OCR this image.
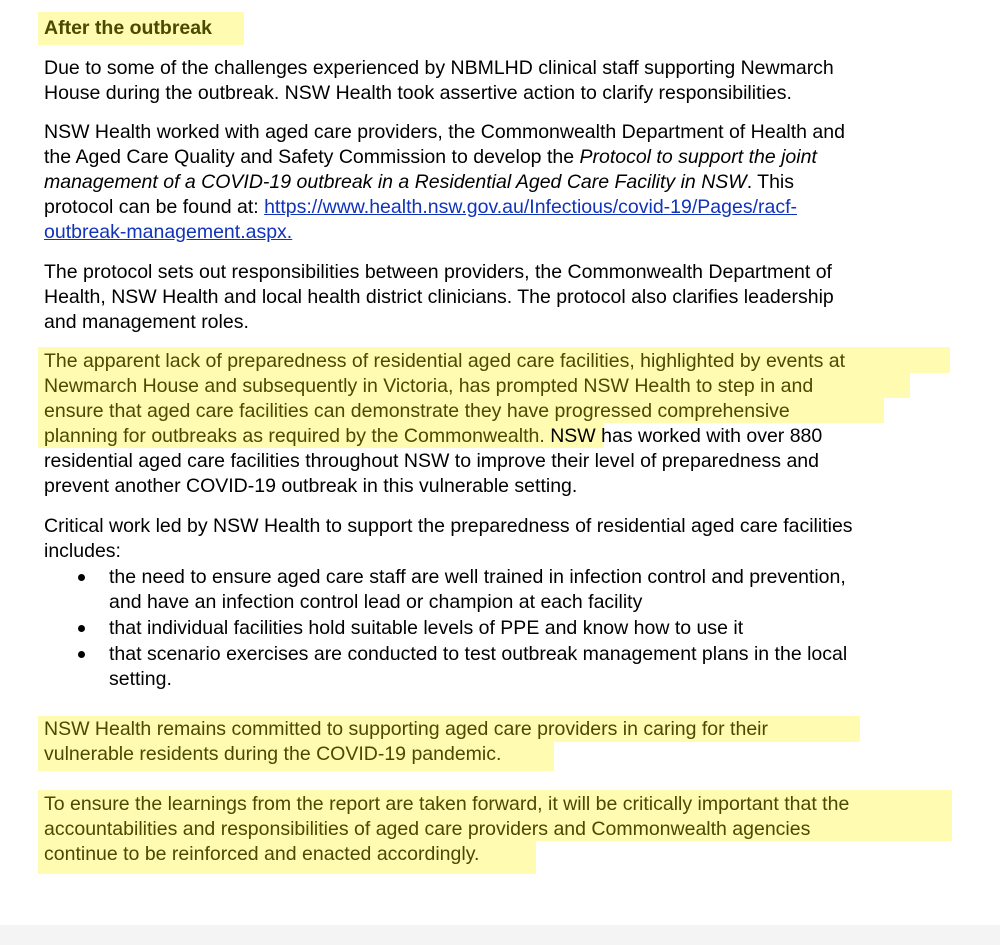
After the outbreak

Due to some of the challenges experienced by NBMLHD clinical staff supporting Newmarch

House during the outbreak. NSW Health took assertive action to clarify responsibilities.

NSW Health worked with aged care providers, the Commonwealth Department of Health and

the Aged Care Quality and Safety Commission to develop the Protocol to support the joint

management of a COVID-19 outbreak in a Residential Aged Care Facility in NSW. This

protocol can be found at: https://www.health.nsw.gov.au/Infectious/covid-19/Pages/racf-

outbreak-management.aspx.

The protocol sets out responsibilities between providers, the Commonwealth Department of

Health, NSW Health and local health district clinicians. The protocol also clarifies leadership

and management roles.

The apparent lack of preparedness of residential aged care facilities, highlighted by events at

Newmarch House and subsequently in Victoria, has prompted NSW Health to step in and

ensure that aged care facilities can demonstrate they have progressed comprehensive

planning for outbreaks as required by the Commonwealth. NSW has worked with over 880

residential aged care facilities throughout NSW to improve their level of preparedness and

prevent another COVID-19 outbreak in this vulnerable setting.

Critical work led by NSW Health to support the preparedness of residential aged care facilities

includes:

the need to ensure aged care staff are well trained in infection control and prevention,

and have an infection control lead or champion at each facility

that individual facilities hold suitable levels of PPE and know how to use it

that scenario exercises are conducted to test outbreak management plans in the local

setting.

NSW Health remains committed to supporting aged care providers in caring for their

vulnerable residents during the COVID-19 pandemic.

To ensure the learnings from the report are taken forward, it will be critically important that the

accountabilities and responsibilities of aged care providers and Commonwealth agencies

continue to be reinforced and enacted accordingly.
